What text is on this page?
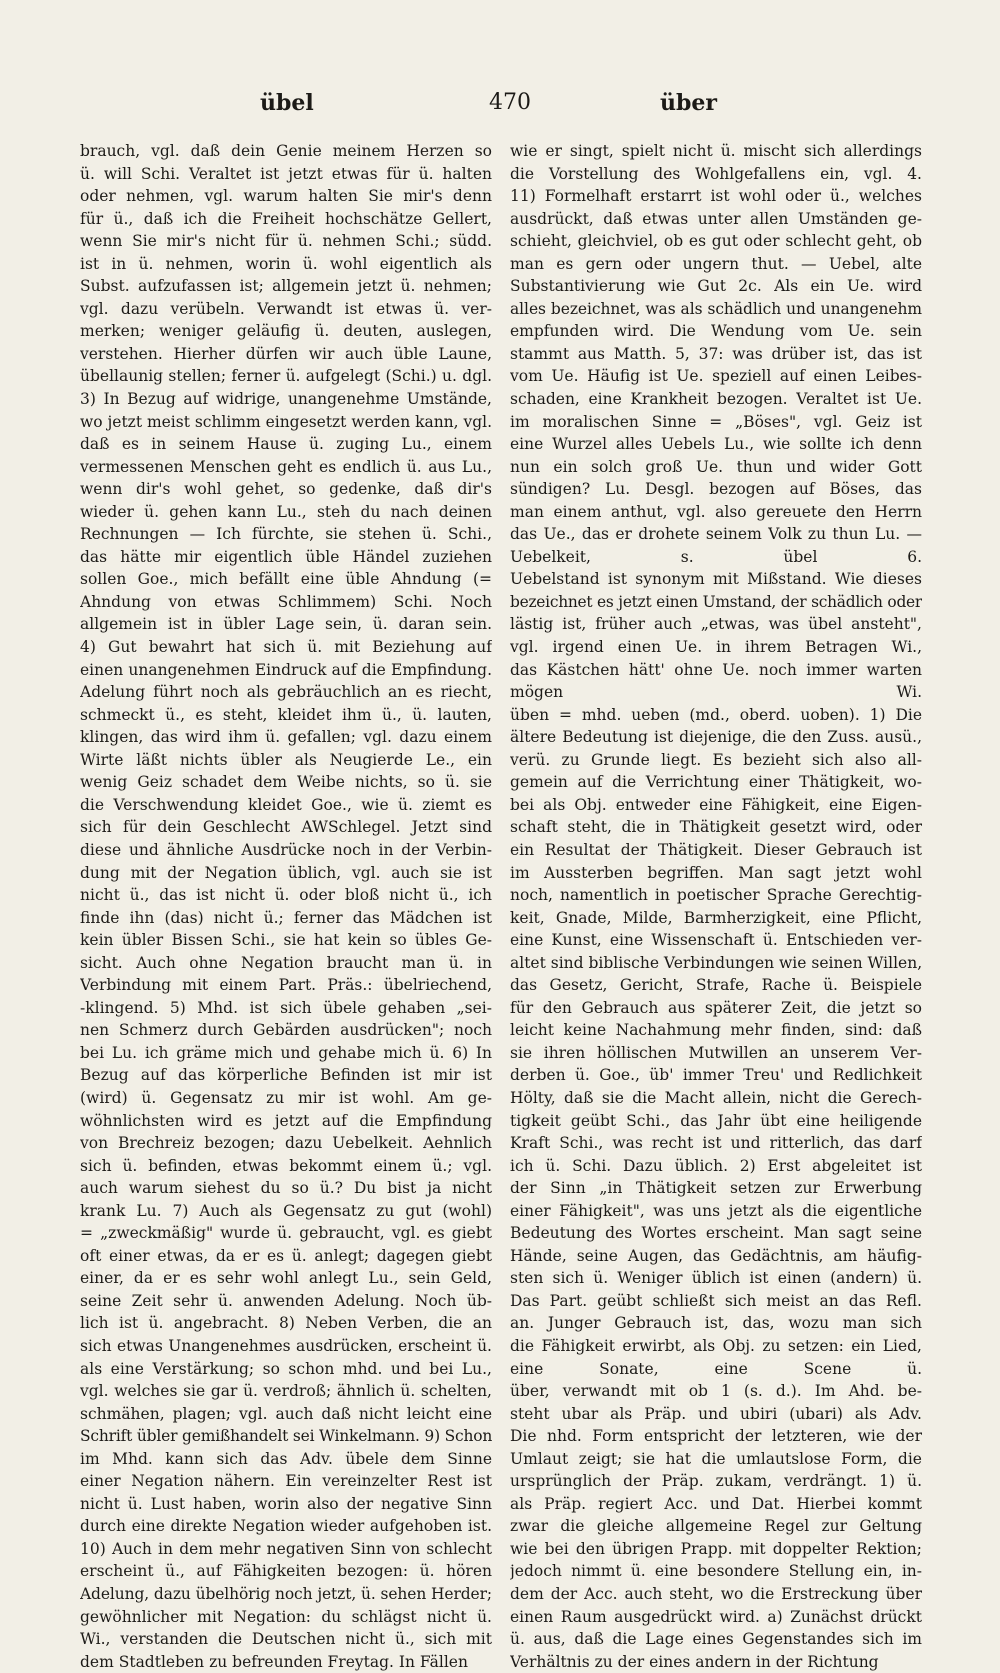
übel	470	über
brauch, vgl. daß dein Genie meinem Herzen so
ü. will Schi. Veraltet ist jetzt etwas für ü. halten
oder nehmen, vgl. warum halten Sie mir's denn
für ü., daß ich die Freiheit hochschätze Gellert,
wenn Sie mir's nicht für ü. nehmen Schi.; südd.
ist in ü. nehmen, worin ü. wohl eigentlich als
Subst. aufzufassen ist; allgemein jetzt ü. nehmen;
vgl. dazu verübeln. Verwandt ist etwas ü. ver-
merken; weniger geläufig ü. deuten, auslegen,
verstehen. Hierher dürfen wir auch üble Laune,
übellaunig stellen; ferner ü. aufgelegt (Schi.) u. dgl.
3) In Bezug auf widrige, unangenehme Umstände,
wo jetzt meist schlimm eingesetzt werden kann, vgl.
daß es in seinem Hause ü. zuging Lu., einem
vermessenen Menschen geht es endlich ü. aus Lu.,
wenn dir's wohl gehet, so gedenke, daß dir's
wieder ü. gehen kann Lu., steh du nach deinen
Rechnungen — Ich fürchte, sie stehen ü. Schi.,
das hätte mir eigentlich üble Händel zuziehen
sollen Goe., mich befällt eine üble Ahndung (=
Ahndung von etwas Schlimmem) Schi. Noch
allgemein ist in übler Lage sein, ü. daran sein.
4) Gut bewahrt hat sich ü. mit Beziehung auf
einen unangenehmen Eindruck auf die Empfindung.
Adelung führt noch als gebräuchlich an es riecht,
schmeckt ü., es steht, kleidet ihm ü., ü. lauten,
klingen, das wird ihm ü. gefallen; vgl. dazu einem
Wirte läßt nichts übler als Neugierde Le., ein
wenig Geiz schadet dem Weibe nichts, so ü. sie
die Verschwendung kleidet Goe., wie ü. ziemt es
sich für dein Geschlecht AWSchlegel. Jetzt sind
diese und ähnliche Ausdrücke noch in der Verbin-
dung mit der Negation üblich, vgl. auch sie ist
nicht ü., das ist nicht ü. oder bloß nicht ü., ich
finde ihn (das) nicht ü.; ferner das Mädchen ist
kein übler Bissen Schi., sie hat kein so übles Ge-
sicht. Auch ohne Negation braucht man ü. in
Verbindung mit einem Part. Präs.: übelriechend,
-klingend. 5) Mhd. ist sich übele gehaben „sei-
nen Schmerz durch Gebärden ausdrücken"; noch
bei Lu. ich gräme mich und gehabe mich ü. 6) In
Bezug auf das körperliche Befinden ist mir ist
(wird) ü. Gegensatz zu mir ist wohl. Am ge-
wöhnlichsten wird es jetzt auf die Empfindung
von Brechreiz bezogen; dazu Uebelkeit. Aehnlich
sich ü. befinden, etwas bekommt einem ü.; vgl.
auch warum siehest du so ü.? Du bist ja nicht
krank Lu. 7) Auch als Gegensatz zu gut (wohl)
= „zweckmäßig" wurde ü. gebraucht, vgl. es giebt
oft einer etwas, da er es ü. anlegt; dagegen giebt
einer, da er es sehr wohl anlegt Lu., sein Geld,
seine Zeit sehr ü. anwenden Adelung. Noch üb-
lich ist ü. angebracht. 8) Neben Verben, die an
sich etwas Unangenehmes ausdrücken, erscheint ü.
als eine Verstärkung; so schon mhd. und bei Lu.,
vgl. welches sie gar ü. verdroß; ähnlich ü. schelten,
schmähen, plagen; vgl. auch daß nicht leicht eine
Schrift übler gemißhandelt sei Winkelmann. 9) Schon
im Mhd. kann sich das Adv. übele dem Sinne
einer Negation nähern. Ein vereinzelter Rest ist
nicht ü. Lust haben, worin also der negative Sinn
durch eine direkte Negation wieder aufgehoben ist.
10) Auch in dem mehr negativen Sinn von schlecht
erscheint ü., auf Fähigkeiten bezogen: ü. hören
Adelung, dazu übelhörig noch jetzt, ü. sehen Herder;
gewöhnlicher mit Negation: du schlägst nicht ü.
Wi., verstanden die Deutschen nicht ü., sich mit
dem Stadtleben zu befreunden Freytag. In Fällen
wie er singt, spielt nicht ü. mischt sich allerdings
die Vorstellung des Wohlgefallens ein, vgl. 4.
11) Formelhaft erstarrt ist wohl oder ü., welches
ausdrückt, daß etwas unter allen Umständen ge-
schieht, gleichviel, ob es gut oder schlecht geht, ob
man es gern oder ungern thut. — Uebel, alte
Substantivierung wie Gut 2c. Als ein Ue. wird
alles bezeichnet, was als schädlich und unangenehm
empfunden wird. Die Wendung vom Ue. sein
stammt aus Matth. 5, 37: was drüber ist, das ist
vom Ue. Häufig ist Ue. speziell auf einen Leibes-
schaden, eine Krankheit bezogen. Veraltet ist Ue.
im moralischen Sinne = „Böses", vgl. Geiz ist
eine Wurzel alles Uebels Lu., wie sollte ich denn
nun ein solch groß Ue. thun und wider Gott
sündigen? Lu. Desgl. bezogen auf Böses, das
man einem anthut, vgl. also gereuete den Herrn
das Ue., das er drohete seinem Volk zu thun Lu. —
Uebelkeit, s. übel 6.
Uebelstand ist synonym mit Mißstand. Wie dieses
bezeichnet es jetzt einen Umstand, der schädlich oder
lästig ist, früher auch „etwas, was übel ansteht",
vgl. irgend einen Ue. in ihrem Betragen Wi.,
das Kästchen hätt' ohne Ue. noch immer warten
mögen Wi.
üben = mhd. ueben (md., oberd. uoben). 1) Die
ältere Bedeutung ist diejenige, die den Zuss. ausü.,
verü. zu Grunde liegt. Es bezieht sich also all-
gemein auf die Verrichtung einer Thätigkeit, wo-
bei als Obj. entweder eine Fähigkeit, eine Eigen-
schaft steht, die in Thätigkeit gesetzt wird, oder
ein Resultat der Thätigkeit. Dieser Gebrauch ist
im Aussterben begriffen. Man sagt jetzt wohl
noch, namentlich in poetischer Sprache Gerechtig-
keit, Gnade, Milde, Barmherzigkeit, eine Pflicht,
eine Kunst, eine Wissenschaft ü. Entschieden ver-
altet sind biblische Verbindungen wie seinen Willen,
das Gesetz, Gericht, Strafe, Rache ü. Beispiele
für den Gebrauch aus späterer Zeit, die jetzt so
leicht keine Nachahmung mehr finden, sind: daß
sie ihren höllischen Mutwillen an unserem Ver-
derben ü. Goe., üb' immer Treu' und Redlichkeit
Hölty, daß sie die Macht allein, nicht die Gerech-
tigkeit geübt Schi., das Jahr übt eine heiligende
Kraft Schi., was recht ist und ritterlich, das darf
ich ü. Schi. Dazu üblich. 2) Erst abgeleitet ist
der Sinn „in Thätigkeit setzen zur Erwerbung
einer Fähigkeit", was uns jetzt als die eigentliche
Bedeutung des Wortes erscheint. Man sagt seine
Hände, seine Augen, das Gedächtnis, am häufig-
sten sich ü. Weniger üblich ist einen (andern) ü.
Das Part. geübt schließt sich meist an das Refl.
an. Junger Gebrauch ist, das, wozu man sich
die Fähigkeit erwirbt, als Obj. zu setzen: ein Lied,
eine Sonate, eine Scene ü.
über, verwandt mit ob 1 (s. d.). Im Ahd. be-
steht ubar als Präp. und ubiri (ubari) als Adv.
Die nhd. Form entspricht der letzteren, wie der
Umlaut zeigt; sie hat die umlautslose Form, die
ursprünglich der Präp. zukam, verdrängt. 1) ü.
als Präp. regiert Acc. und Dat. Hierbei kommt
zwar die gleiche allgemeine Regel zur Geltung
wie bei den übrigen Prapp. mit doppelter Rektion;
jedoch nimmt ü. eine besondere Stellung ein, in-
dem der Acc. auch steht, wo die Erstreckung über
einen Raum ausgedrückt wird. a) Zunächst drückt
ü. aus, daß die Lage eines Gegenstandes sich im
Verhältnis zu der eines andern in der Richtung
